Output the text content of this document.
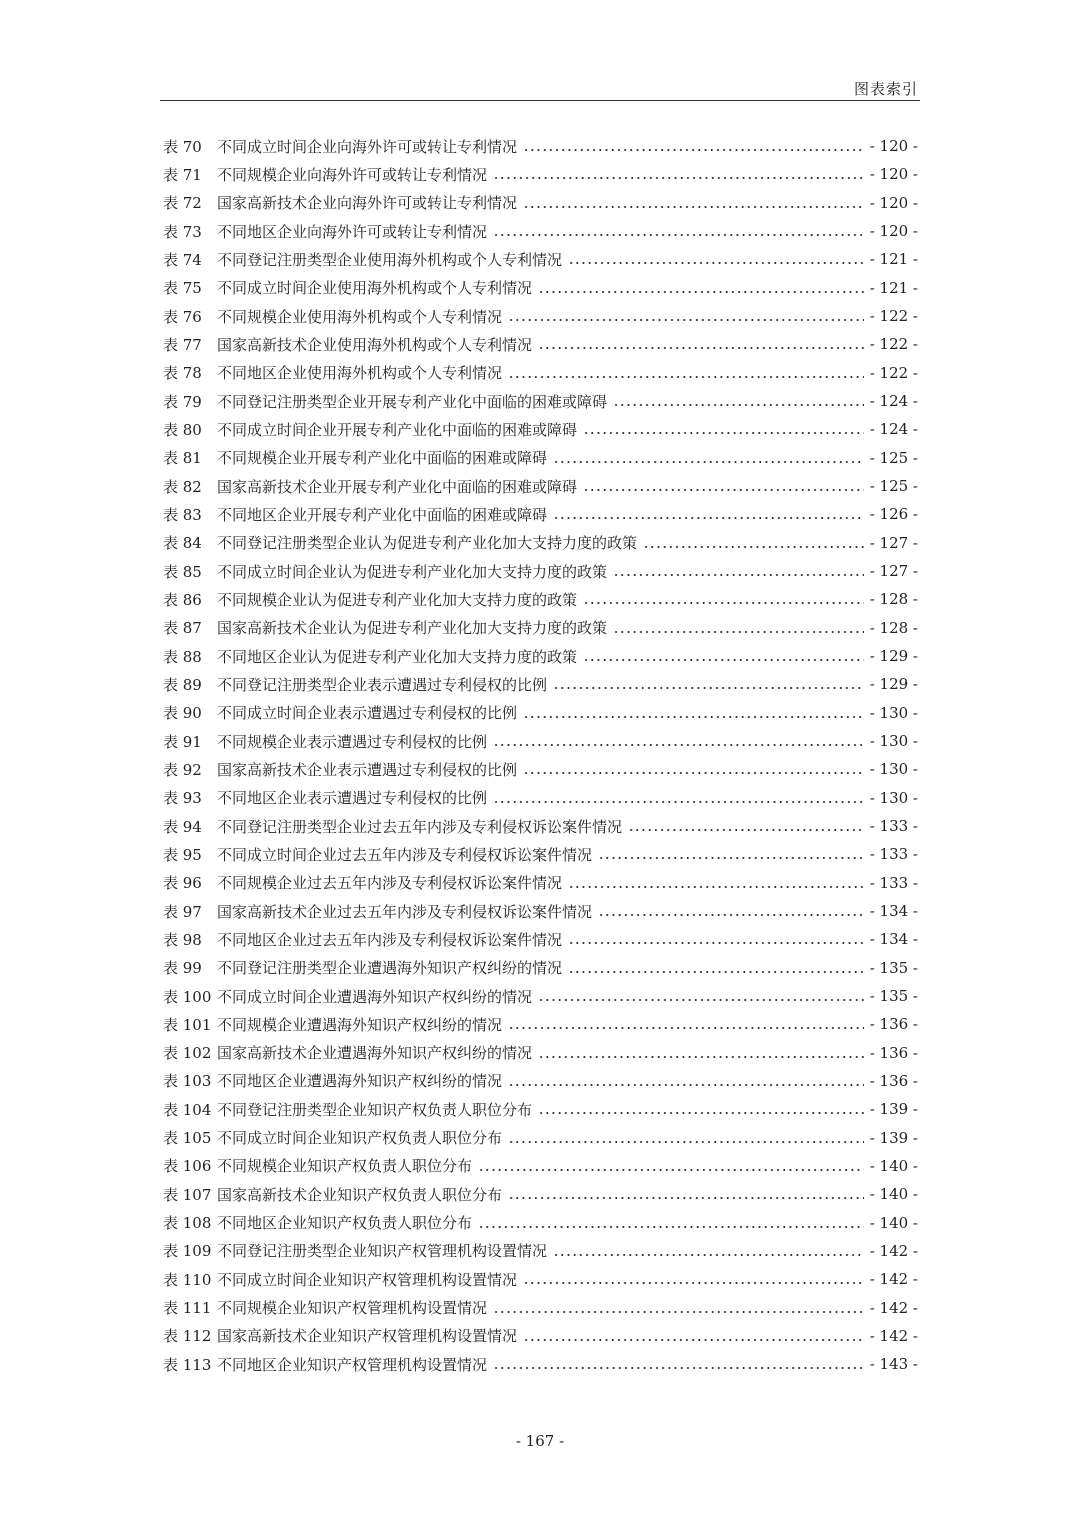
图表索引
表 70	不同成立时间企业向海外许可或转让专利情况	- 120 -
表 71	不同规模企业向海外许可或转让专利情况	- 120 -
表 72	国家高新技术企业向海外许可或转让专利情况	- 120 -
表 73	不同地区企业向海外许可或转让专利情况	- 120 -
表 74	不同登记注册类型企业使用海外机构或个人专利情况	- 121 -
表 75	不同成立时间企业使用海外机构或个人专利情况	- 121 -
表 76	不同规模企业使用海外机构或个人专利情况	- 122 -
表 77	国家高新技术企业使用海外机构或个人专利情况	- 122 -
表 78	不同地区企业使用海外机构或个人专利情况	- 122 -
表 79	不同登记注册类型企业开展专利产业化中面临的困难或障碍	- 124 -
表 80	不同成立时间企业开展专利产业化中面临的困难或障碍	- 124 -
表 81	不同规模企业开展专利产业化中面临的困难或障碍	- 125 -
表 82	国家高新技术企业开展专利产业化中面临的困难或障碍	- 125 -
表 83	不同地区企业开展专利产业化中面临的困难或障碍	- 126 -
表 84	不同登记注册类型企业认为促进专利产业化加大支持力度的政策	- 127 -
表 85	不同成立时间企业认为促进专利产业化加大支持力度的政策	- 127 -
表 86	不同规模企业认为促进专利产业化加大支持力度的政策	- 128 -
表 87	国家高新技术企业认为促进专利产业化加大支持力度的政策	- 128 -
表 88	不同地区企业认为促进专利产业化加大支持力度的政策	- 129 -
表 89	不同登记注册类型企业表示遭遇过专利侵权的比例	- 129 -
表 90	不同成立时间企业表示遭遇过专利侵权的比例	- 130 -
表 91	不同规模企业表示遭遇过专利侵权的比例	- 130 -
表 92	国家高新技术企业表示遭遇过专利侵权的比例	- 130 -
表 93	不同地区企业表示遭遇过专利侵权的比例	- 130 -
表 94	不同登记注册类型企业过去五年内涉及专利侵权诉讼案件情况	- 133 -
表 95	不同成立时间企业过去五年内涉及专利侵权诉讼案件情况	- 133 -
表 96	不同规模企业过去五年内涉及专利侵权诉讼案件情况	- 133 -
表 97	国家高新技术企业过去五年内涉及专利侵权诉讼案件情况	- 134 -
表 98	不同地区企业过去五年内涉及专利侵权诉讼案件情况	- 134 -
表 99	不同登记注册类型企业遭遇海外知识产权纠纷的情况	- 135 -
表 100 不同成立时间企业遭遇海外知识产权纠纷的情况	- 135 -
表 101 不同规模企业遭遇海外知识产权纠纷的情况	- 136 -
表 102 国家高新技术企业遭遇海外知识产权纠纷的情况	- 136 -
表 103 不同地区企业遭遇海外知识产权纠纷的情况	- 136 -
表 104 不同登记注册类型企业知识产权负责人职位分布	- 139 -
表 105 不同成立时间企业知识产权负责人职位分布	- 139 -
表 106 不同规模企业知识产权负责人职位分布	- 140 -
表 107 国家高新技术企业知识产权负责人职位分布	- 140 -
表 108 不同地区企业知识产权负责人职位分布	- 140 -
表 109 不同登记注册类型企业知识产权管理机构设置情况	- 142 -
表 110 不同成立时间企业知识产权管理机构设置情况	- 142 -
表 111 不同规模企业知识产权管理机构设置情况	- 142 -
表 112 国家高新技术企业知识产权管理机构设置情况	- 142 -
表 113 不同地区企业知识产权管理机构设置情况	- 143 -
- 167 -
